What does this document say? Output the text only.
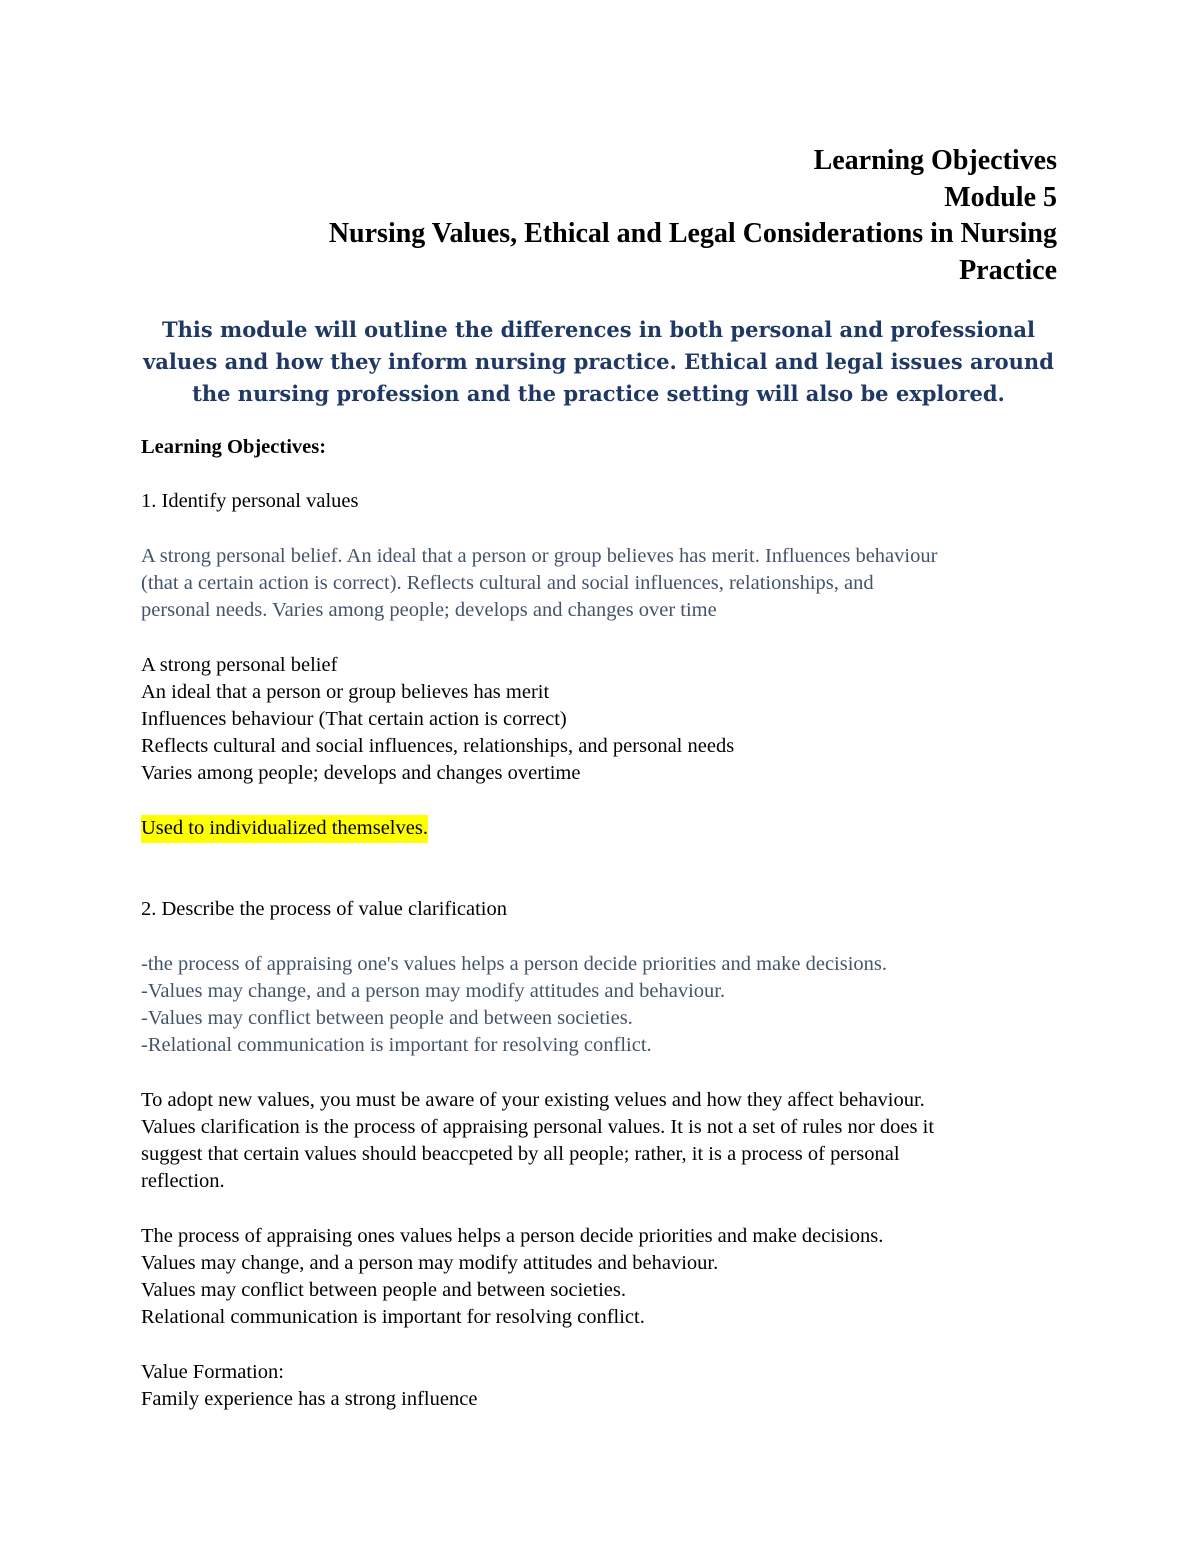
Learning Objectives
Module 5
Nursing Values, Ethical and Legal Considerations in Nursing
Practice
This module will outline the differences in both personal and professional
values and how they inform nursing practice. Ethical and legal issues around
the nursing profession and the practice setting will also be explored.

Learning Objectives:

1. Identify personal values

A strong personal belief. An ideal that a person or group believes has merit. Influences behaviour

(that a certain action is correct). Reflects cultural and social influences, relationships, and

personal needs. Varies among people; develops and changes over time

A strong personal belief

An ideal that a person or group believes has merit

Influences behaviour (That certain action is correct)

Reflects cultural and social influences, relationships, and personal needs

Varies among people; develops and changes overtime

Used to individualized themselves.

2. Describe the process of value clarification

-the process of appraising one's values helps a person decide priorities and make decisions.

-Values may change, and a person may modify attitudes and behaviour.

-Values may conflict between people and between societies.

-Relational communication is important for resolving conflict.

To adopt new values, you must be aware of your existing velues and how they affect behaviour.

Values clarification is the process of appraising personal values. It is not a set of rules nor does it

suggest that certain values should beaccpeted by all people; rather, it is a process of personal

reflection.

The process of appraising ones values helps a person decide priorities and make decisions.

Values may change, and a person may modify attitudes and behaviour.

Values may conflict between people and between societies.

Relational communication is important for resolving conflict.

Value Formation:

Family experience has a strong influence
